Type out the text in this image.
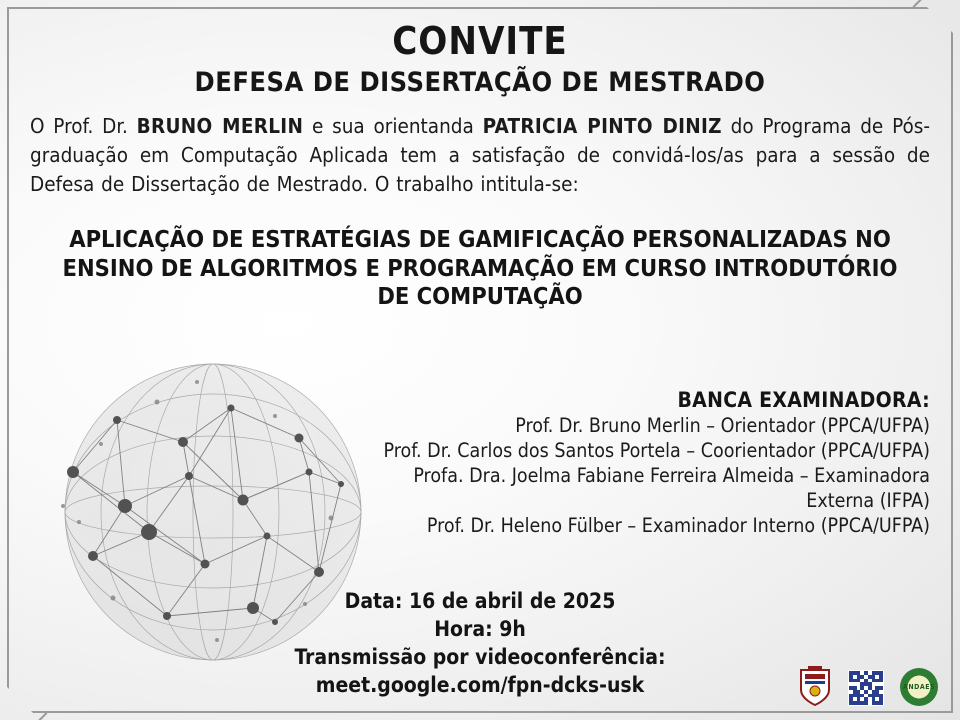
CONVITE
DEFESA DE DISSERTAÇÃO DE MESTRADO

O Prof. Dr. BRUNO MERLIN e sua orientanda PATRICIA PINTO DINIZ do Programa de Pós-graduação em Computação Aplicada tem a satisfação de convidá-los/as para a sessão de Defesa de Dissertação de Mestrado. O trabalho intitula-se:

APLICAÇÃO DE ESTRATÉGIAS DE GAMIFICAÇÃO PERSONALIZADAS NO ENSINO DE ALGORITMOS E PROGRAMAÇÃO EM CURSO INTRODUTÓRIO DE COMPUTAÇÃO
BANCA EXAMINADORA:
Prof. Dr. Bruno Merlin – Orientador (PPCA/UFPA)
Prof. Dr. Carlos dos Santos Portela – Coorientador (PPCA/UFPA)
Profa. Dra. Joelma Fabiane Ferreira Almeida – Examinadora Externa (IFPA)
Prof. Dr. Heleno Fülber – Examinador Interno (PPCA/UFPA)
Data: 16 de abril de 2025
Hora: 9h
Transmissão por videoconferência:
meet.google.com/fpn-dcks-usk	ANDAES
